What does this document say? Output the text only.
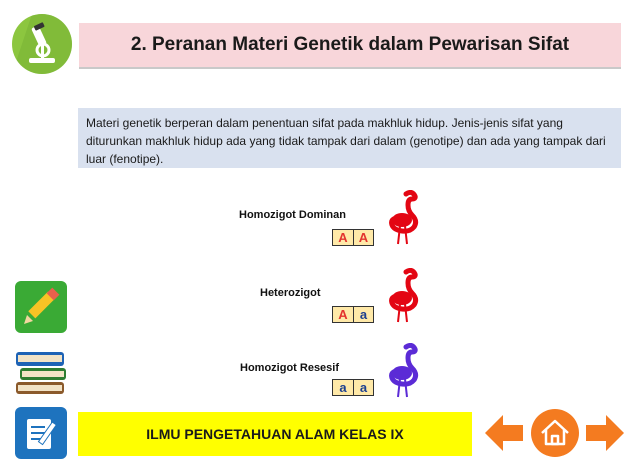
2. Peranan Materi Genetik dalam Pewarisan Sifat
Materi genetik berperan dalam penentuan sifat pada makhluk hidup. Jenis-jenis sifat yang diturunkan makhluk hidup ada yang tidak tampak dari dalam (genotipe) dan ada yang tampak dari luar (fenotipe).
Homozigot Dominan
A A
Heterozigot
A a
Homozigot Resesif
a	a
ILMU PENGETAHUAN ALAM KELAS IX
